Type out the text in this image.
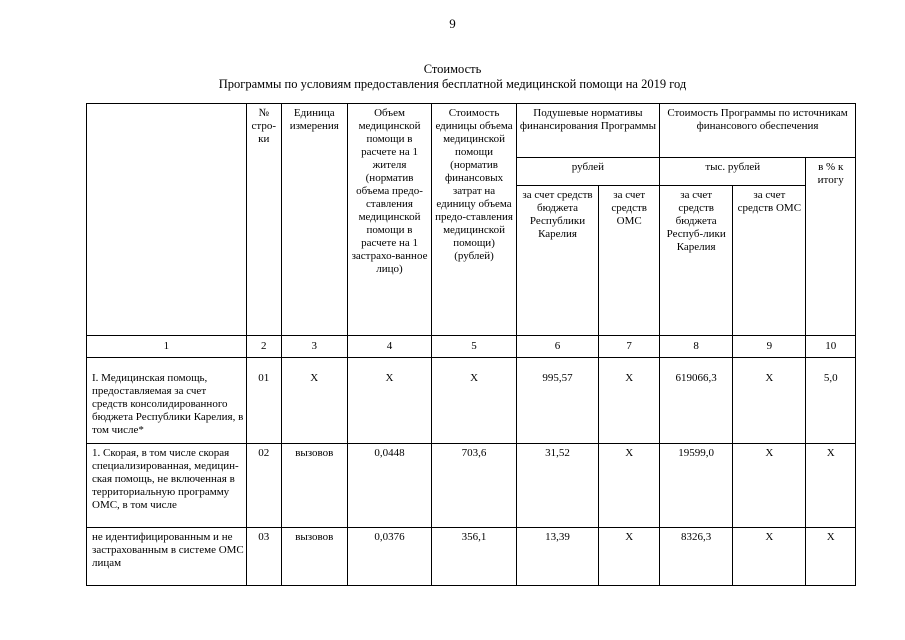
9
Стоимость
Программы по условиям предоставления бесплатной медицинской помощи на 2019 год
	№ стро-ки	Единица измерения	Объем медицинской помощи в расчете на 1 жителя (норматив объема предо-ставления медицинской помощи в расчете на 1 застрахо-ванное лицо)	Стоимость единицы объема медицинской помощи (норматив финансовых затрат на единицу объема предо-ставления медицинской помощи) (рублей)	Подушевые нормативы финансирования Программы		Стоимость Программы по источникам финансового обеспечения		
					рублей		тыс. рублей		в % к итогу
					за счет средств бюджета Республики Карелия	за счет средств ОМС	за счет средств бюджета Респуб-лики Карелия	за счет средств ОМС	
1	2	3	4	5	6	7	8	9	10
I. Медицинская помощь, предоставляемая за счет средств консолидированного бюджета Республики Карелия, в том числе*	01	Х	Х	Х	995,57	Х	619066,3	Х	5,0
1. Скорая, в том числе скорая специализированная, медицин-ская помощь, не включенная в территориальную программу ОМС, в том числе	02	вызовов	0,0448	703,6	31,52	Х	19599,0	Х	Х
не идентифицированным и не застрахованным в системе ОМС лицам	03	вызовов	0,0376	356,1	13,39	Х	8326,3	Х	Х
